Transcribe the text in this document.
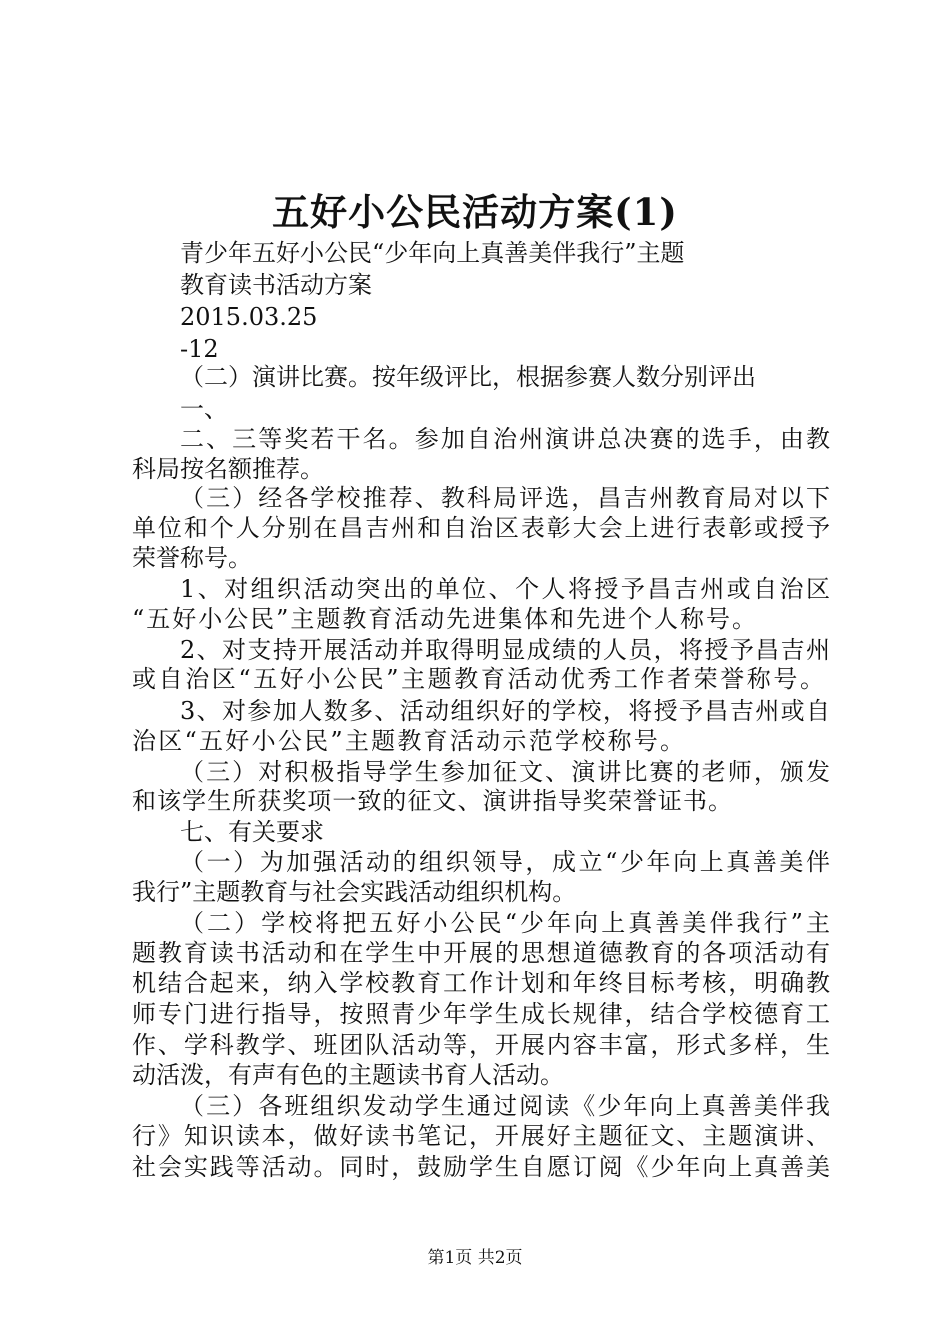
五好小公民活动方案(1)
青少年五好小公民“少年向上真善美伴我行”主题
教育读书活动方案
2015.03.25
-12
（二）演讲比赛。按年级评比，根据参赛人数分别评出
一、
二、三等奖若干名。参加自治州演讲总决赛的选手，由教
科局按名额推荐。
（三）经各学校推荐、教科局评选，昌吉州教育局对以下
单位和个人分别在昌吉州和自治区表彰大会上进行表彰或授予
荣誉称号。
1、对组织活动突出的单位、个人将授予昌吉州或自治区
“五好小公民”主题教育活动先进集体和先进个人称号。
2、对支持开展活动并取得明显成绩的人员，将授予昌吉州
或自治区“五好小公民”主题教育活动优秀工作者荣誉称号。
3、对参加人数多、活动组织好的学校，将授予昌吉州或自
治区“五好小公民”主题教育活动示范学校称号。
（三）对积极指导学生参加征文、演讲比赛的老师，颁发
和该学生所获奖项一致的征文、演讲指导奖荣誉证书。
七、有关要求
（一）为加强活动的组织领导，成立“少年向上真善美伴
我行”主题教育与社会实践活动组织机构。
（二）学校将把五好小公民“少年向上真善美伴我行”主
题教育读书活动和在学生中开展的思想道德教育的各项活动有
机结合起来，纳入学校教育工作计划和年终目标考核，明确教
师专门进行指导，按照青少年学生成长规律，结合学校德育工
作、学科教学、班团队活动等，开展内容丰富，形式多样，生
动活泼，有声有色的主题读书育人活动。
（三）各班组织发动学生通过阅读《少年向上真善美伴我
行》知识读本，做好读书笔记，开展好主题征文、主题演讲、
社会实践等活动。同时，鼓励学生自愿订阅《少年向上真善美
第1页 共2页
